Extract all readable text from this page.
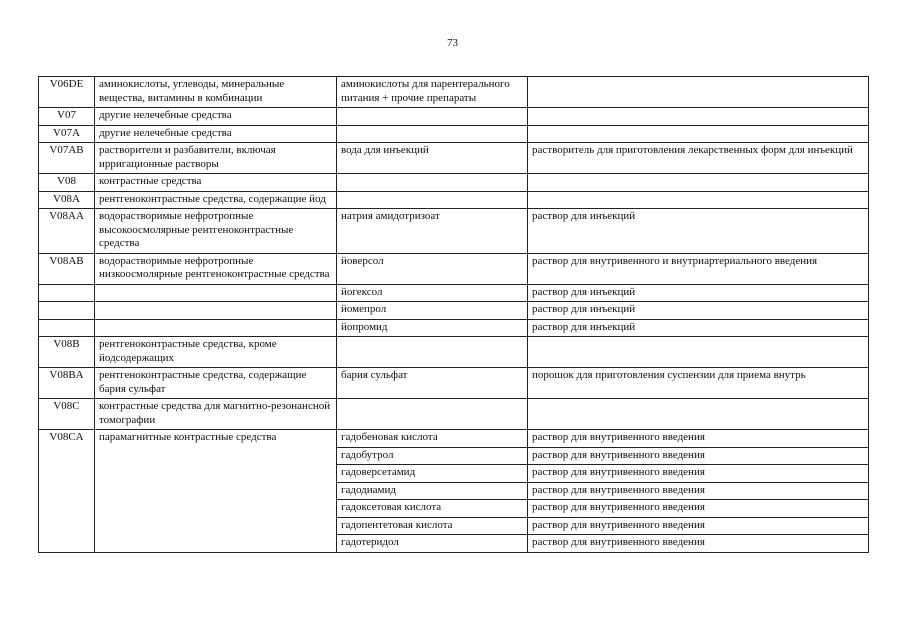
73
V06DE	аминокислоты, углеводы, минеральные вещества, витамины в комбинации	аминокислоты для парентерального питания + прочие препараты	
V07	другие нелечебные средства		
V07A	другие нелечебные средства		
V07AB	растворители и разбавители, включая ирригационные растворы	вода для инъекций	растворитель для приготовления лекарственных форм для инъекций
V08	контрастные средства		
V08A	рентгеноконтрастные средства, содержащие йод		
V08AA	водорастворимые нефротропные высокоосмолярные рентгеноконтрастные средства	натрия амидотризоат	раствор для инъекций
V08AB	водорастворимые нефротропные низкоосмолярные рентгеноконтрастные средства	йоверсол	раствор для внутривенного и внутриартериального введения
		йогексол	раствор для инъекций
		йомепрол	раствор для инъекций
		йопромид	раствор для инъекций
V08B	рентгеноконтрастные средства, кроме йодсодержащих		
V08BA	рентгеноконтрастные средства, содержащие бария сульфат	бария сульфат	порошок для приготовления суспензии для приема внутрь
V08C	контрастные средства для магнитно-резонансной томографии		
V08CA	парамагнитные контрастные средства	гадобеновая кислота	раствор для внутривенного введения
		гадобутрол	раствор для внутривенного введения
		гадоверсетамид	раствор для внутривенного введения
		гадодиамид	раствор для внутривенного введения
		гадоксетовая кислота	раствор для внутривенного введения
		гадопентетовая кислота	раствор для внутривенного введения
		гадотеридол	раствор для внутривенного введения
